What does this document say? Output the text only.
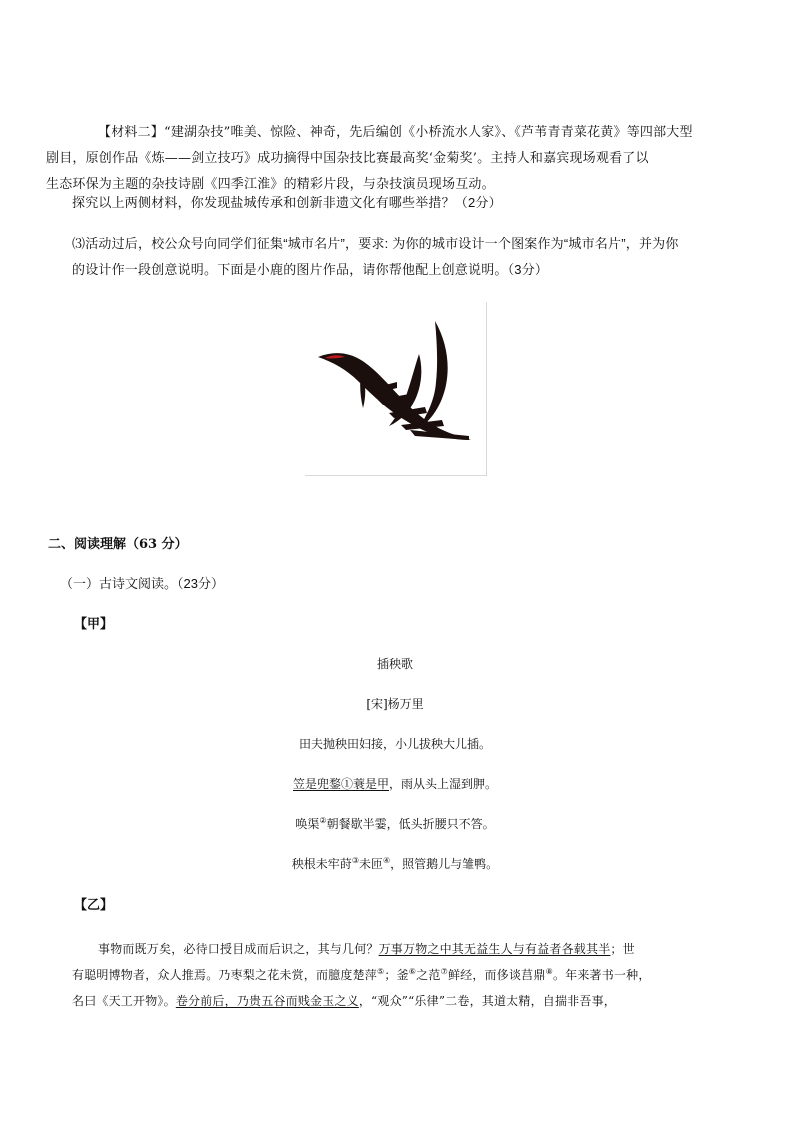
【材料二】“建湖杂技”唯美、惊险、神奇，先后编创《小桥流水人家》、《芦苇青青菜花黄》等四部大型
剧目，原创作品《炼——剑立技巧》成功摘得中国杂技比赛最高奖‘金菊奖’。主持人和嘉宾现场观看了以
生态环保为主题的杂技诗剧《四季江淮》的精彩片段，与杂技演员现场互动。
探究以上两侧材料，你发现盐城传承和创新非遗文化有哪些举措？（2分）
⑶活动过后，校公众号向同学们征集“城市名片”，要求: 为你的城市设计一个图案作为“城市名片”，并为你
的设计作一段创意说明。下面是小鹿的图片作品，请你帮他配上创意说明。（3分）
二、阅读理解（63 分）
（一）古诗文阅读。（23分）
【甲】
插秧歌
[宋]杨万里
田夫抛秧田妇接，小儿拔秧大儿插。
笠是兜鍪①蓑是甲，雨从头上湿到胛。
唤渠②朝餐歇半霎，低头折腰只不答。
秧根未牢莳③未匝④，照管鹅儿与雏鸭。
【乙】
事物而既万矣，必待口授目成而后识之，其与几何？万事万物之中其无益生人与有益者各载其半；世
有聪明博物者，众人推焉。乃枣梨之花未赏，而臆度楚萍⑤；釜⑥之范⑦鲜经，而侈谈莒鼎⑧。年来著书一种，
名曰《天工开物》。卷分前后，乃贵五谷而贱金玉之义，“观众”“乐律”二卷，其道太精，自揣非吾事，
